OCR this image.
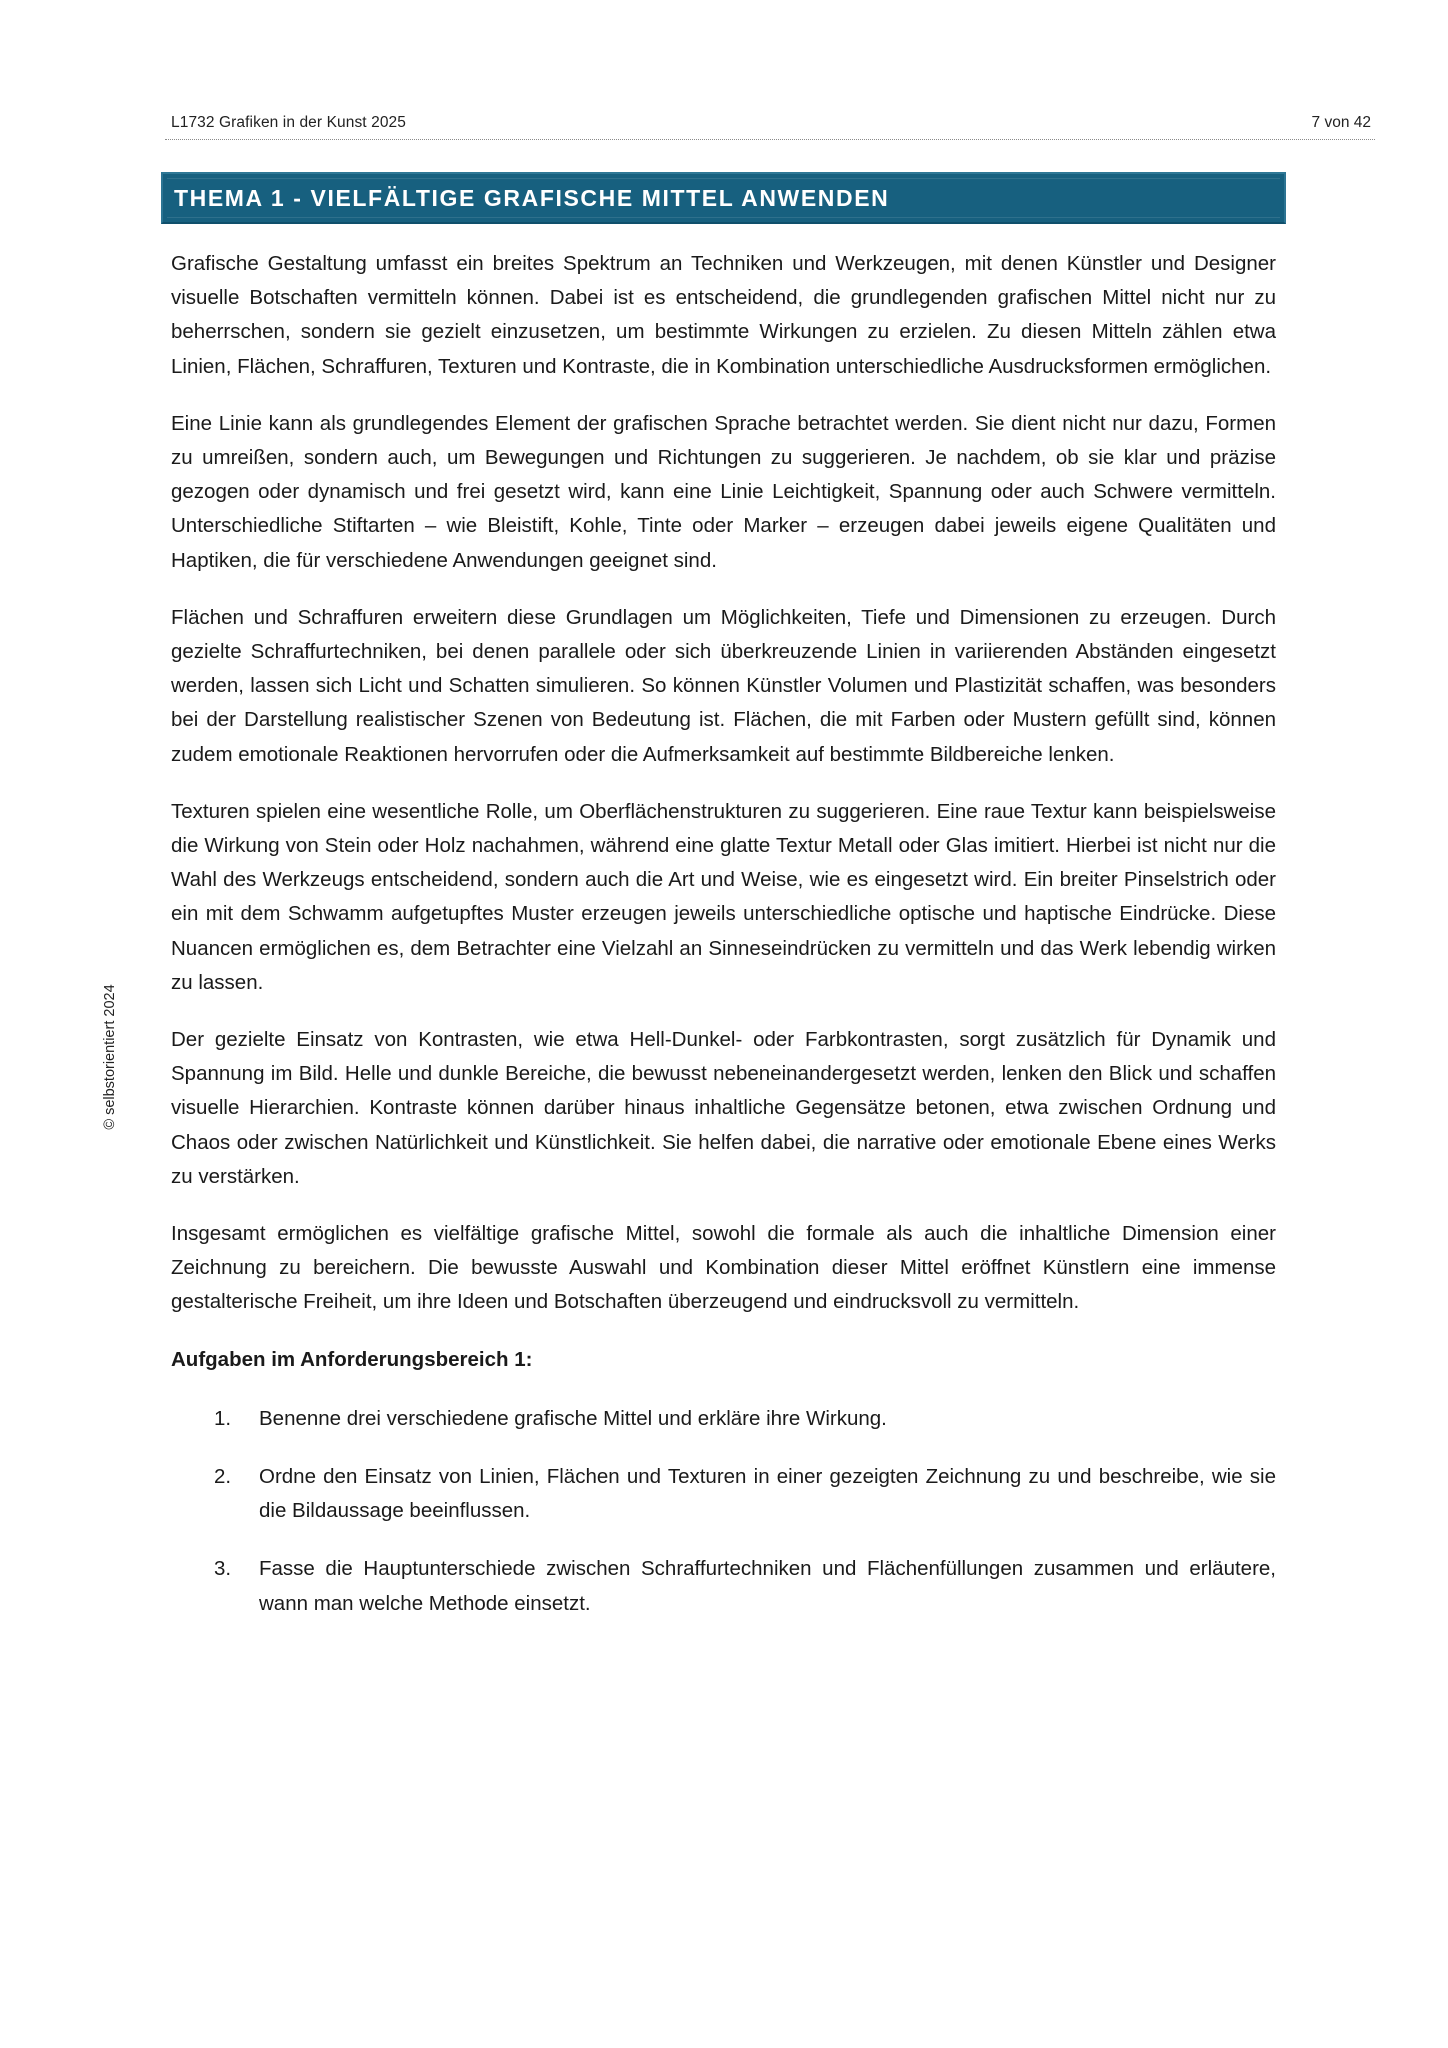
L1732 Grafiken in der Kunst 2025	7 von 42
THEMA 1 - VIELFÄLTIGE GRAFISCHE MITTEL ANWENDEN

Grafische Gestaltung umfasst ein breites Spektrum an Techniken und Werkzeugen, mit denen Künstler und Designer visuelle Botschaften vermitteln können. Dabei ist es entscheidend, die grundlegenden grafischen Mittel nicht nur zu beherrschen, sondern sie gezielt einzusetzen, um bestimmte Wirkungen zu erzielen. Zu diesen Mitteln zählen etwa Linien, Flächen, Schraffuren, Texturen und Kontraste, die in Kombination unterschiedliche Ausdrucksformen ermöglichen.

Eine Linie kann als grundlegendes Element der grafischen Sprache betrachtet werden. Sie dient nicht nur dazu, Formen zu umreißen, sondern auch, um Bewegungen und Richtungen zu suggerieren. Je nachdem, ob sie klar und präzise gezogen oder dynamisch und frei gesetzt wird, kann eine Linie Leichtigkeit, Spannung oder auch Schwere vermitteln. Unterschiedliche Stiftarten – wie Bleistift, Kohle, Tinte oder Marker – erzeugen dabei jeweils eigene Qualitäten und Haptiken, die für verschiedene Anwendungen geeignet sind.

Flächen und Schraffuren erweitern diese Grundlagen um Möglichkeiten, Tiefe und Dimensionen zu erzeugen. Durch gezielte Schraffurtechniken, bei denen parallele oder sich überkreuzende Linien in variierenden Abständen eingesetzt werden, lassen sich Licht und Schatten simulieren. So können Künstler Volumen und Plastizität schaffen, was besonders bei der Darstellung realistischer Szenen von Bedeutung ist. Flächen, die mit Farben oder Mustern gefüllt sind, können zudem emotionale Reaktionen hervorrufen oder die Aufmerksamkeit auf bestimmte Bildbereiche lenken.

Texturen spielen eine wesentliche Rolle, um Oberflächenstrukturen zu suggerieren. Eine raue Textur kann beispielsweise die Wirkung von Stein oder Holz nachahmen, während eine glatte Textur Metall oder Glas imitiert. Hierbei ist nicht nur die Wahl des Werkzeugs entscheidend, sondern auch die Art und Weise, wie es eingesetzt wird. Ein breiter Pinselstrich oder ein mit dem Schwamm aufgetupftes Muster erzeugen jeweils unterschiedliche optische und haptische Eindrücke. Diese Nuancen ermöglichen es, dem Betrachter eine Vielzahl an Sinneseindrücken zu vermitteln und das Werk lebendig wirken zu lassen.

Der gezielte Einsatz von Kontrasten, wie etwa Hell-Dunkel- oder Farbkontrasten, sorgt zusätzlich für Dynamik und Spannung im Bild. Helle und dunkle Bereiche, die bewusst nebeneinandergesetzt werden, lenken den Blick und schaffen visuelle Hierarchien. Kontraste können darüber hinaus inhaltliche Gegensätze betonen, etwa zwischen Ordnung und Chaos oder zwischen Natürlichkeit und Künstlichkeit. Sie helfen dabei, die narrative oder emotionale Ebene eines Werks zu verstärken.

Insgesamt ermöglichen es vielfältige grafische Mittel, sowohl die formale als auch die inhaltliche Dimension einer Zeichnung zu bereichern. Die bewusste Auswahl und Kombination dieser Mittel eröffnet Künstlern eine immense gestalterische Freiheit, um ihre Ideen und Botschaften überzeugend und eindrucksvoll zu vermitteln.

Aufgaben im Anforderungsbereich 1:
1. Benenne drei verschiedene grafische Mittel und erkläre ihre Wirkung.
2. Ordne den Einsatz von Linien, Flächen und Texturen in einer gezeigten Zeichnung zu und beschreibe, wie sie die Bildaussage beeinflussen.
3. Fasse die Hauptunterschiede zwischen Schraffurtechniken und Flächenfüllungen zusammen und erläutere, wann man welche Methode einsetzt.
© selbstorientiert 2024
